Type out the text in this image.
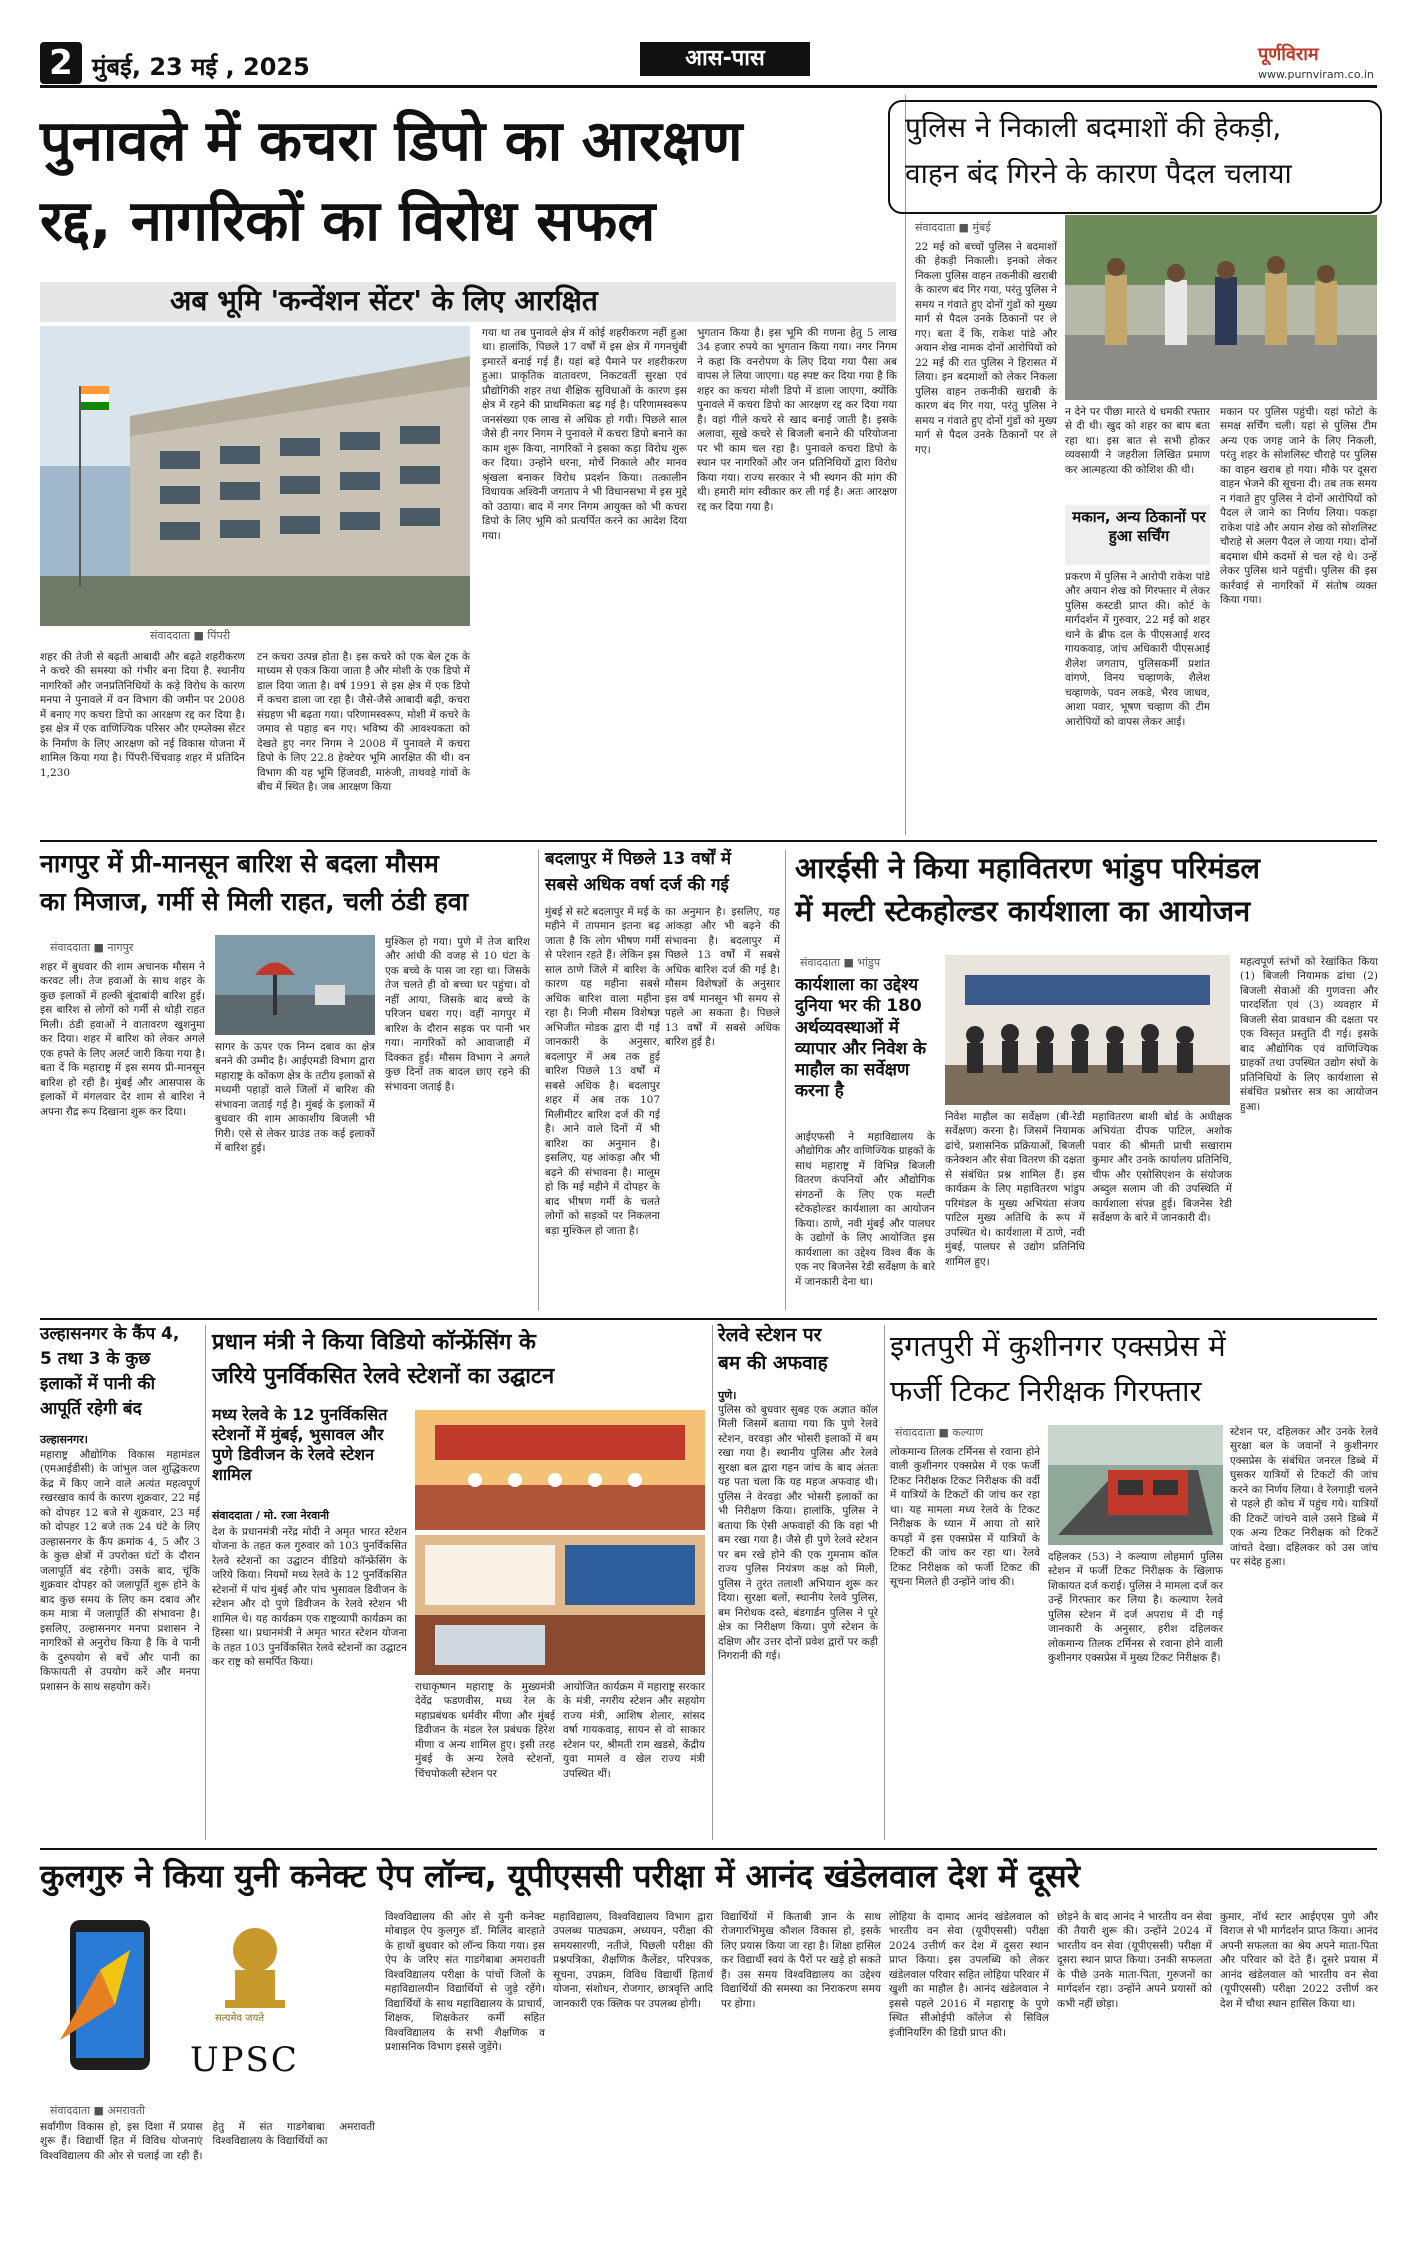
2 मुंबई, 23 मई , 2025	आस-पास	पूर्णविराम
www.purnviram.co.in
पुनावले में कचरा डिपो का आरक्षण
रद्द, नागरिकों का विरोध सफल
अब भूमि 'कन्वेंशन सेंटर' के लिए आरक्षित
संवाददाता ■ पिंपरी
शहर की तेजी से बढ़ती आबादी और बढ़ते शहरीकरण ने कचरे की समस्या को गंभीर बना दिया है. स्थानीय नागरिकों और जनप्रतिनिधियों के कड़े विरोध के कारण मनपा ने पुनावले में वन विभाग की जमीन पर 2008 में बनाए गए कचरा डिपो का आरक्षण रद्द कर दिया है। इस क्षेत्र में एक वाणिज्यिक परिसर और एम्प्लेक्स सेंटर के निर्माण के लिए आरक्षण को नई विकास योजना में शामिल किया गया है। पिंपरी-चिंचवाड़ शहर में प्रतिदिन 1,230
टन कचरा उत्पन्न होता है। इस कचरे को एक बेल ट्रक के माध्यम से एकत्र किया जाता है और मोशी के एक डिपो में डाल दिया जाता है। वर्ष 1991 से इस क्षेत्र में एक डिपो में कचरा डाला जा रहा है। जैसे-जैसे आबादी बढ़ी, कचरा संग्रहण भी बढ़ता गया। परिणामस्वरूप, मोशी में कचरे के जमाव से पहाड़ बन गए। भविष्य की आवश्यकता को देखते हुए नगर निगम ने 2008 में पुनावले में कचरा डिपो के लिए 22.8 हेक्टेयर भूमि आरक्षित की थी। वन विभाग की यह भूमि हिंजवडी, मारुंजी, ताथवड़े गांवों के बीच में स्थित है। जब आरक्षण किया
गया था तब पुनावले क्षेत्र में कोई शहरीकरण नहीं हुआ था। हालांकि, पिछले 17 वर्षों में इस क्षेत्र में गगनचुंबी इमारतें बनाई गई हैं। यहां बड़े पैमाने पर शहरीकरण हुआ। प्राकृतिक वातावरण, निकटवर्ती सुरक्षा एवं प्रौद्योगिकी शहर तथा शैक्षिक सुविधाओं के कारण इस क्षेत्र में रहने की प्राथमिकता बढ़ गई है। परिणामस्वरूप जनसंख्या एक लाख से अधिक हो गयी। पिछले साल जैसे ही नगर निगम ने पुनावले में कचरा डिपो बनाने का काम शुरू किया, नागरिकों ने इसका कड़ा विरोध शुरू कर दिया। उन्होंने धरना, मोर्चे निकाले और मानव श्रृंखला बनाकर विरोध प्रदर्शन किया। तत्कालीन विधायक अश्विनी जगताप ने भी विधानसभा में इस मुद्दे को उठाया। बाद में नगर निगम आयुक्त को भी कचरा डिपो के लिए भूमि को प्रत्यर्पित करने का आदेश दिया गया।
भुगतान किया है। इस भूमि की गणना हेतु 5 लाख 34 हजार रुपये का भुगतान किया गया। नगर निगम ने कहा कि वनरोपण के लिए दिया गया पैसा अब वापस ले लिया जाएगा। यह स्पष्ट कर दिया गया है कि शहर का कचरा मोशी डिपो में डाला जाएगा, क्योंकि पुनावले में कचरा डिपो का आरक्षण रद्द कर दिया गया है। वहां गीले कचरे से खाद बनाई जाती है। इसके अलावा, सूखे कचरे से बिजली बनाने की परियोजना पर भी काम चल रहा है। पुनावले कचरा डिपो के स्थान पर नागरिकों और जन प्रतिनिधियों द्वारा विरोध किया गया। राज्य सरकार ने भी स्थगन की मांग की थी। हमारी मांग स्वीकार कर ली गई है। अतः आरक्षण रद्द कर दिया गया है।
पुलिस ने निकाली बदमाशों की हेकड़ी,
वाहन बंद गिरने के कारण पैदल चलाया
संवाददाता ■ मुंबई
22 मई को बच्चों पुलिस ने बदमाशों की हेकड़ी निकाली। इनको लेकर निकला पुलिस वाहन तकनीकी खराबी के कारण बंद गिर गया, परंतु पुलिस ने समय न गंवाते हुए दोनों गुंडों को मुख्य मार्ग से पैदल उनके ठिकानों पर ले गए। बता दें कि, राकेश पांडे और अयान शेख नामक दोनों आरोपियों को 22 मई की रात पुलिस ने हिरासत में लिया। इन बदमाशों को लेकर निकला पुलिस वाहन तकनीकी खराबी के कारण बंद गिर गया, परंतु पुलिस ने समय न गंवाते हुए दोनों गुंडों को मुख्य मार्ग से पैदल उनके ठिकानों पर ले गए।
न देने पर पीछा मारते थे धमकी रफ्तार से दी थी। खुद को शहर का बाप बता रहा था। इस बात से सभी होकर व्यवसायी ने जहरीला लिखित प्रमाण कर आत्महत्या की कोशिश की थी।
मकान, अन्य ठिकानों पर हुआ सर्चिंग
प्रकरण में पुलिस ने आरोपी राकेश पांडे और अयान शेख को गिरफ्तार में लेकर पुलिस कस्टडी प्राप्त की। कोर्ट के मार्गदर्शन में गुरुवार, 22 मई को शहर थाने के ब्रीफ दल के पीएसआई शरद गायकवाड़, जांच अधिकारी पीएसआई शैलेश जगताप, पुलिसकर्मी प्रशांत वांगणे, विनय चव्हाणके, शैलेश चव्हाणके, पवन लकडे, भैरव जाधव, आशा पवार, भूषण चव्हाण की टीम आरोपियों को वापस लेकर आई।
मकान पर पुलिस पहुंची। यहां फोटो के समक्ष सर्चिंग चली। यहां से पुलिस टीम अन्य एक जगह जाने के लिए निकली, परंतु शहर के सोशलिस्ट चौराहे पर पुलिस का वाहन खराब हो गया। मौके पर दूसरा वाहन भेजने की सूचना दी। तब तक समय न गंवाते हुए पुलिस ने दोनों आरोपियों को पैदल ले जाने का निर्णय लिया। पकड़ा राकेश पांडे और अयान शेख को सोशलिस्ट चौराहे से अलग पैदल ले जाया गया। दोनों बदमाश धीमे कदमों से चल रहे थे। उन्हें लेकर पुलिस थाने पहुंची। पुलिस की इस कार्रवाई से नागरिकों में संतोष व्यक्त किया गया।
नागपुर में प्री-मानसून बारिश से बदला मौसम
का मिजाज, गर्मी से मिली राहत, चली ठंडी हवा
संवाददाता ■ नागपुर
शहर में बुधवार की शाम अचानक मौसम ने करवट ली। तेज हवाओं के साथ शहर के कुछ इलाकों में हल्की बूंदाबांदी बारिश हुई। इस बारिश से लोगों को गर्मी से थोड़ी राहत मिली। ठंडी हवाओं ने वातावरण खुशनुमा कर दिया। शहर में बारिश को लेकर अगले एक हफ्ते के लिए अलर्ट जारी किया गया है। बता दें कि महाराष्ट्र में इस समय प्री-मानसून बारिश हो रही है। मुंबई और आसपास के इलाकों में मंगलवार देर शाम से बारिश ने अपना रौद्र रूप दिखाना शुरू कर दिया।
सागर के ऊपर एक निम्न दबाव का क्षेत्र बनने की उम्मीद है। आईएमडी विभाग द्वारा महाराष्ट्र के कोंकण क्षेत्र के तटीय इलाकों से मध्यमी पहाड़ों वाले जिलों में बारिश की संभावना जताई गई है। मुंबई के इलाकों में बुधवार की शाम आकाशीय बिजली भी गिरी। एसे से लेकर ग्राउंड तक कई इलाकों में बारिश हुई।
मुश्किल हो गया। पुणे में तेज बारिश और आंधी की वजह से 10 घंटा के एक बच्चे के पास जा रहा था। जिसके तेज चलते ही वो बच्चा घर पहुंचा। वो नहीं आया, जिसके बाद बच्चे के परिजन घबरा गए। वहीं नागपुर में बारिश के दौरान सड़क पर पानी भर गया। नागरिकों को आवाजाही में दिक्कत हुई। मौसम विभाग ने अगले कुछ दिनों तक बादल छाए रहने की संभावना जताई है।
बदलापुर में पिछले 13 वर्षों में
सबसे अधिक वर्षा दर्ज की गई
मुंबई से सटे बदलापुर में मई के महीने में तापमान इतना बढ़ जाता है कि लोग भीषण गर्मी से परेशान रहते हैं। लेकिन इस साल ठाणे जिले में बारिश के कारण यह महीना सबसे अधिक बारिश वाला महीना रहा है। निजी मौसम विशेषज्ञ अभिजीत मोडक द्वारा दी गई जानकारी के अनुसार, बदलापुर में अब तक हुई बारिश पिछले 13 वर्षों में सबसे अधिक है। बदलापुर शहर में अब तक 107 मिलीमीटर बारिश दर्ज की गई है। आने वाले दिनों में भी बारिश का अनुमान है। इसलिए, यह आंकड़ा और भी बढ़ने की संभावना है। मालूम हो कि मई महीने में दोपहर के बाद भीषण गर्मी के चलते लोगों को सड़कों पर निकलना बड़ा मुश्किल हो जाता है।
का अनुमान है। इसलिए, यह आंकड़ा और भी बढ़ने की संभावना है। बदलापुर में पिछले 13 वर्षों में सबसे अधिक बारिश दर्ज की गई है। मौसम विशेषज्ञों के अनुसार इस वर्ष मानसून भी समय से पहले आ सकता है। पिछले 13 वर्षों में सबसे अधिक बारिश हुई है।
आरईसी ने किया महावितरण भांडुप परिमंडल
में मल्टी स्टेकहोल्डर कार्यशाला का आयोजन
संवाददाता ■ भांडुप
कार्यशाला का उद्देश्य दुनिया भर की 180 अर्थव्यवस्थाओं में व्यापार और निवेश के माहौल का सर्वेक्षण करना है
आईएफसी ने महाविद्यालय के औद्योगिक और वाणिज्यिक ग्राहकों के साथ महाराष्ट्र में विभिन्न बिजली वितरण कंपनियों और औद्योगिक संगठनों के लिए एक मल्टी स्टेकहोल्डर कार्यशाला का आयोजन किया। ठाणे, नवी मुंबई और पालघर के उद्योगों के लिए आयोजित इस कार्यशाला का उद्देश्य विश्व बैंक के एक नए बिजनेस रेडी सर्वेक्षण के बारे में जानकारी देना था।
निवेश माहौल का सर्वेक्षण (बी-रेडी सर्वेक्षण) करना है। जिसमें नियामक ढांचे, प्रशासनिक प्रक्रियाओं, बिजली कनेक्शन और सेवा वितरण की दक्षता से संबंधित प्रश्न शामिल हैं। इस कार्यक्रम के लिए महावितरण भांडुप परिमंडल के मुख्य अभियंता संजय पाटिल मुख्य अतिथि के रूप में उपस्थित थे। कार्यशाला में ठाणे, नवी मुंबई, पालघर से उद्योग प्रतिनिधि शामिल हुए।
महावितरण बाशी बोर्ड के अधीक्षक अभियंता दीपक पाटिल, अशोक पवार की श्रीमती प्राची सखाराम कुमार और उनके कार्यालय प्रतिनिधि, चीफ और एसोसिएशन के संयोजक अब्दुल सलाम जी की उपस्थिति में कार्यशाला संपन्न हुई। बिजनेस रेडी सर्वेक्षण के बारे में जानकारी दी।
महत्वपूर्ण स्तंभों को रेखांकित किया (1) बिजली नियामक ढांचा (2) बिजली सेवाओं की गुणवत्ता और पारदर्शिता एवं (3) व्यवहार में बिजली सेवा प्रावधान की दक्षता पर एक विस्तृत प्रस्तुति दी गई। इसके बाद औद्योगिक एवं वाणिज्यिक ग्राहकों तथा उपस्थित उद्योग संघों के प्रतिनिधियों के लिए कार्यशाला से संबंधित प्रश्नोत्तर सत्र का आयोजन हुआ।
उल्हासनगर के कैंप 4,
5 तथा 3 के कुछ
इलाकों में पानी की
आपूर्ति रहेगी बंद
उल्हासनगर।
महाराष्ट्र औद्योगिक विकास महामंडल (एमआईडीसी) के जांभुल जल शुद्धिकरण केंद्र में किए जाने वाले अत्यंत महत्वपूर्ण रखरखाव कार्य के कारण शुक्रवार, 22 मई को दोपहर 12 बजे से शुक्रवार, 23 मई को दोपहर 12 बजे तक 24 घंटे के लिए उल्हासनगर के कैंप क्रमांक 4, 5 और 3 के कुछ क्षेत्रों में उपरोक्त घंटों के दौरान जलापूर्ति बंद रहेगी। उसके बाद, चूंकि शुक्रवार दोपहर को जलापूर्ति शुरू होने के बाद कुछ समय के लिए कम दबाव और कम मात्रा में जलापूर्ति की संभावना है। इसलिए, उल्हासनगर मनपा प्रशासन ने नागरिकों से अनुरोध किया है कि वे पानी के दुरुपयोग से बचें और पानी का किफायती से उपयोग करें और मनपा प्रशासन के साथ सहयोग करें।
प्रधान मंत्री ने किया विडियो कॉन्फ्रेंसिंग के
जरिये पुनर्विकसित रेलवे स्टेशनों का उद्घाटन
मध्य रेलवे के 12 पुनर्विकसित स्टेशनों में मुंबई, भुसावल और पुणे डिवीजन के रेलवे स्टेशन शामिल
संवाददाता / मो. रजा नेरवानी
देश के प्रधानमंत्री नरेंद्र मोदी ने अमृत भारत स्टेशन योजना के तहत कल गुरुवार को 103 पुनर्विकसित रेलवे स्टेशनों का उद्घाटन वीडियो कॉन्फ्रेंसिंग के जरिये किया। नियमों मध्य रेलवे के 12 पुनर्विकसित स्टेशनों में पांच मुंबई और पांच भुसावल डिवीजन के स्टेशन और दो पुणे डिवीजन के रेलवे स्टेशन भी शामिल थे। यह कार्यक्रम एक राष्ट्रव्यापी कार्यक्रम का हिस्सा था। प्रधानमंत्री ने अमृत भारत स्टेशन योजना के तहत 103 पुनर्विकसित रेलवे स्टेशनों का उद्घाटन कर राष्ट्र को समर्पित किया।
राधाकृष्णन महाराष्ट्र के मुख्यमंत्री देवेंद्र फडणवीस, मध्य रेल के महाप्रबंधक धर्मवीर मीणा और मुंबई डिवीजन के मंडल रेल प्रबंधक हिरेश मीणा व अन्य शामिल हुए। इसी तरह मुंबई के अन्य रेलवे स्टेशनों, चिंचपोकली स्टेशन पर
आयोजित कार्यक्रम में महाराष्ट्र सरकार के मंत्री, नगरीय स्टेशन और सहयोग राज्य मंत्री, आशिष शेलार, सांसद वर्षा गायकवाड़, सायन से वो साकार स्टेशन पर, श्रीमती राम खडसे, केंद्रीय युवा मामले व खेल राज्य मंत्री उपस्थित थीं।
रेलवे स्टेशन पर
बम की अफवाह
पुणे।
पुलिस को बुधवार सुबह एक अज्ञात कॉल मिली जिसमें बताया गया कि पुणे रेलवे स्टेशन, वरवड़ा और भोसरी इलाकों में बम रखा गया है। स्थानीय पुलिस और रेलवे सुरक्षा बल द्वारा गहन जांच के बाद अंततः यह पता चला कि यह महज अफवाह थी। पुलिस ने वेरवड़ा और भोसरी इलाकों का भी निरीक्षण किया। हालांकि, पुलिस ने बताया कि ऐसी अफवाहों की कि वहां भी बम रखा गया है। जैसे ही पुणे रेलवे स्टेशन पर बम रखे होने की एक गुमनाम कॉल राज्य पुलिस नियंत्रण कक्ष को मिली, पुलिस ने तुरंत तलाशी अभियान शुरू कर दिया। सुरक्षा बलों, स्थानीय रेलवे पुलिस, बम निरोधक दस्ते, बंडगार्डन पुलिस ने पूरे क्षेत्र का निरीक्षण किया। पुणे स्टेशन के दक्षिण और उत्तर दोनों प्रवेश द्वारों पर कड़ी निगरानी की गई।
इगतपुरी में कुशीनगर एक्सप्रेस में
फर्जी टिकट निरीक्षक गिरफ्तार
संवाददाता ■ कल्याण
लोकमान्य तिलक टर्मिनस से रवाना होने वाली कुशीनगर एक्सप्रेस में एक फर्जी टिकट निरीक्षक टिकट निरीक्षक की वर्दी में यात्रियों के टिकटों की जांच कर रहा था। यह मामला मध्य रेलवे के टिकट निरीक्षक के ध्यान में आया तो सारे कपड़ों में इस एक्सप्रेस में यात्रियों के टिकटों की जांच कर रहा था। रेलवे टिकट निरीक्षक को फर्जी टिकट की सूचना मिलते ही उन्होंने जांच की।
दहिलकर (53) ने कल्याण लोहमार्ग पुलिस स्टेशन में फर्जी टिकट निरीक्षक के खिलाफ शिकायत दर्ज कराई। पुलिस ने मामला दर्ज कर उन्हें गिरफ्तार कर लिया है। कल्याण रेलवे पुलिस स्टेशन में दर्ज अपराध में दी गई जानकारी के अनुसार, हरीश दहिलकर लोकमान्य तिलक टर्मिनस से रवाना होने वाली कुशीनगर एक्सप्रेस में मुख्य टिकट निरीक्षक हैं।
स्टेशन पर, दहिलकर और उनके रेलवे सुरक्षा बल के जवानों ने कुशीनगर एक्सप्रेस के संबंधित जनरल डिब्बे में घुसकर यात्रियों से टिकटों की जांच करने का निर्णय लिया। वे रेलगाड़ी चलने से पहले ही कोच में पहुंच गये। यात्रियों की टिकटें जांचने वाले उसने डिब्बे में एक अन्य टिकट निरीक्षक को टिकटें जांचते देखा। दहिलकर को उस जांच पर संदेह हुआ।
कुलगुरु ने किया युनी कनेक्ट ऐप लॉन्च, यूपीएससी परीक्षा में आनंद खंडेलवाल देश में दूसरे
सत्यमेव जयते
UPSC
संवाददाता ■ अमरावती
सर्वांगीण विकास हो, इस दिशा में प्रयास शुरू हैं। विद्यार्थी हित में विविध योजनाएं विश्वविद्यालय की ओर से चलाई जा रही हैं। हेतु में संत गाडगेबाबा अमरावती विश्वविद्यालय के विद्यार्थियों का
विश्वविद्यालय की ओर से युनी कनेक्ट मोबाइल ऐप कुलगुरु डॉ. मिलिंद बारहाते के हाथों बुधवार को लॉन्च किया गया। इस ऐप के जरिए संत गाडगेबाबा अमरावती विश्वविद्यालय परीक्षा के पांचों जिलों के महाविद्यालयीन विद्यार्थियों से जुड़े रहेंगे। विद्यार्थियों के साथ महाविद्यालय के प्राचार्य, शिक्षक, शिक्षकेतर कर्मी सहित विश्वविद्यालय के सभी शैक्षणिक व प्रशासनिक विभाग इससे जुड़ेंगे।
महाविद्यालय, विश्वविद्यालय विभाग द्वारा उपलब्ध पाठ्यक्रम, अध्ययन, परीक्षा की समयसारणी, नतीजे, पिछली परीक्षा की प्रश्नपत्रिका, शैक्षणिक कैलेंडर, परिपत्रक, सूचना, उपक्रम, विविध विद्यार्थी हितार्थ योजना, संशोधन, रोजगार, छात्रवृत्ति आदि जानकारी एक क्लिक पर उपलब्ध होगी।
विद्यार्थियों में किताबी ज्ञान के साथ रोजगारभिमुख कौशल विकास हो, इसके लिए प्रयास किया जा रहा है। शिक्षा हासिल कर विद्यार्थी स्वयं के पैरों पर खड़े हो सकते हैं। उस समय विश्वविद्यालय का उद्देश्य विद्यार्थियों की समस्या का निराकरण समय पर होगा।
लोहिया के दामाद आनंद खंडेलवाल को भारतीय वन सेवा (यूपीएससी) परीक्षा 2024 उत्तीर्ण कर देश में दूसरा स्थान प्राप्त किया। इस उपलब्धि को लेकर खंडेलवाल परिवार सहित लोहिया परिवार में खुशी का माहौल है। आनंद खंडेलवाल ने इससे पहले 2016 में महाराष्ट्र के पुणे स्थित सीओईपी कॉलेज से सिविल इंजीनियरिंग की डिग्री प्राप्त की।
छोड़ने के बाद आनंद ने भारतीय वन सेवा की तैयारी शुरू की। उन्होंने 2024 में भारतीय वन सेवा (यूपीएससी) परीक्षा में दूसरा स्थान प्राप्त किया। उनकी सफलता के पीछे उनके माता-पिता, गुरुजनों का मार्गदर्शन रहा। उन्होंने अपने प्रयासों को कभी नहीं छोड़ा।
कुमार, नॉर्थ स्टार आईएएस पुणे और विराज से भी मार्गदर्शन प्राप्त किया। आनंद अपनी सफलता का श्रेय अपने माता-पिता और परिवार को देते हैं। दूसरे प्रयास में आनंद खंडेलवाल को भारतीय वन सेवा (यूपीएससी) परीक्षा 2022 उत्तीर्ण कर देश में चौथा स्थान हासिल किया था।
